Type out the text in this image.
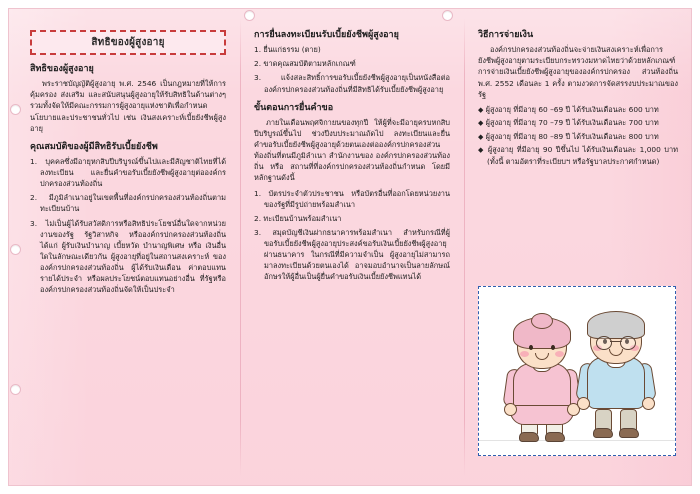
สิทธิของผู้สูงอายุ
สิทธิของผู้สูงอายุ

พระราชบัญญัติผู้สูงอายุ พ.ศ. 2546 เป็นกฎหมายที่ให้การคุ้มครอง ส่งเสริม และสนับสนุนผู้สูงอายุให้รับสิทธิในด้านต่างๆ รวมทั้งจัดให้มีคณะกรรมการผู้สูงอายุแห่งชาติเพื่อกำหนดนโยบายและประชาชนทั่วไป เช่น เงินสงเคราะห์เบี้ยยังชีพผู้สูงอายุ

คุณสมบัติของผู้มีสิทธิรับเบี้ยยังชีพ
1. บุคคลซึ่งมีอายุหกสิบปีบริบูรณ์ขึ้นไปและมีสัญชาติไทยที่ได้ลงทะเบียน และยื่นคำขอรับเบี้ยยังชีพผู้สูงอายุต่อองค์กรปกครองส่วนท้องถิ่น
2. มีภูมิลำเนาอยู่ในเขตพื้นที่องค์กรปกครองส่วนท้องถิ่นตามทะเบียนบ้าน
3. ไม่เป็นผู้ได้รับสวัสดิการหรือสิทธิประโยชน์อื่นใดจากหน่วยงานของรัฐ รัฐวิสาหกิจ หรือองค์กรปกครองส่วนท้องถิ่น ได้แก่ ผู้รับเงินบำนาญ เบี้ยหวัด บำนาญพิเศษ หรือ เงินอื่นใดในลักษณะเดียวกัน ผู้สูงอายุที่อยู่ในสถานสงเคราะห์ ขององค์กรปกครองส่วนท้องถิ่น ผู้ได้รับเงินเดือน ค่าตอบแทน รายได้ประจำ หรือผลประโยชน์ตอบแทนอย่างอื่น ที่รัฐหรือองค์กรปกครองส่วนท้องถิ่นจัดให้เป็นประจำ
การยื่นลงทะเบียนรับเบี้ยยังชีพผู้สูงอายุ
1. ยื่นแก่ธรรม (ตาย)
2. ขาดคุณสมบัติตามหลักเกณฑ์
3. แจ้งสละสิทธิ์การขอรับเบี้ยยังชีพผู้สูงอายุเป็นหนังสือต่อองค์กรปกครองส่วนท้องถิ่นที่มีสิทธิได้รับเบี้ยยังชีพผู้สูงอายุ
ขั้นตอนการยื่นคำขอ

ภายในเดือนพฤศจิกายนของทุกปี ให้ผู้ที่จะมีอายุครบหกสิบปีบริบูรณ์ขึ้นไป ช่วงปีงบประมาณถัดไป ลงทะเบียนและยื่นคำขอรับเบี้ยยังชีพผู้สูงอายุด้วยตนเองต่อองค์กรปกครองส่วนท้องถิ่นที่ตนมีภูมิลำเนา สำนักงานของ องค์กรปกครองส่วนท้องถิ่น หรือ สถานที่ที่องค์กรปกครองส่วนท้องถิ่นกำหนด โดยมีหลักฐานดังนี้

1. บัตรประจำตัวประชาชน หรือบัตรอื่นที่ออกโดยหน่วยงานของรัฐที่มีรูปถ่ายพร้อมสำเนา
2. ทะเบียนบ้านพร้อมสำเนา
3. สมุดบัญชีเงินฝากธนาคารพร้อมสำเนา สำหรับกรณีที่ผู้ขอรับเบี้ยยังชีพผู้สูงอายุประสงค์ขอรับเงินเบี้ยยังชีพผู้สูงอายุผ่านธนาคาร ในกรณีที่มีความจำเป็น ผู้สูงอายุไม่สามารถมาลงทะเบียนด้วยตนเองได้ อาจมอบอำนาจเป็นลายลักษณ์อักษรให้ผู้อื่นเป็นผู้ยื่นคำขอรับเงินเบี้ยยังชีพแทนได้
วิธีการจ่ายเงิน

องค์กรปกครองส่วนท้องถิ่นจะจ่ายเงินสงเคราะห์เพื่อการยังชีพผู้สูงอายุตามระเบียบกระทรวงมหาดไทยว่าด้วยหลักเกณฑ์ การจ่ายเงินเบี้ยยังชีพผู้สูงอายุขององค์กรปกครอง ส่วนท้องถิ่น พ.ศ. 2552 เดือนละ 1 ครั้ง ตามงวดการจัดสรรงบประมาณของรัฐ

◆ ผู้สูงอายุ ที่มีอายุ 60 –69 ปี ได้รับเงินเดือนละ 600 บาท
◆ ผู้สูงอายุ ที่มีอายุ 70 –79 ปี ได้รับเงินเดือนละ 700 บาท
◆ ผู้สูงอายุ ที่มีอายุ 80 –89 ปี ได้รับเงินเดือนละ 800 บาท
◆ ผู้สูงอายุ ที่มีอายุ 90 ปีขึ้นไป ได้รับเงินเดือนละ 1,000 บาท (ทั้งนี้ ตามอัตราที่ระเบียบฯ หรือรัฐบาลประกาศกำหนด)
